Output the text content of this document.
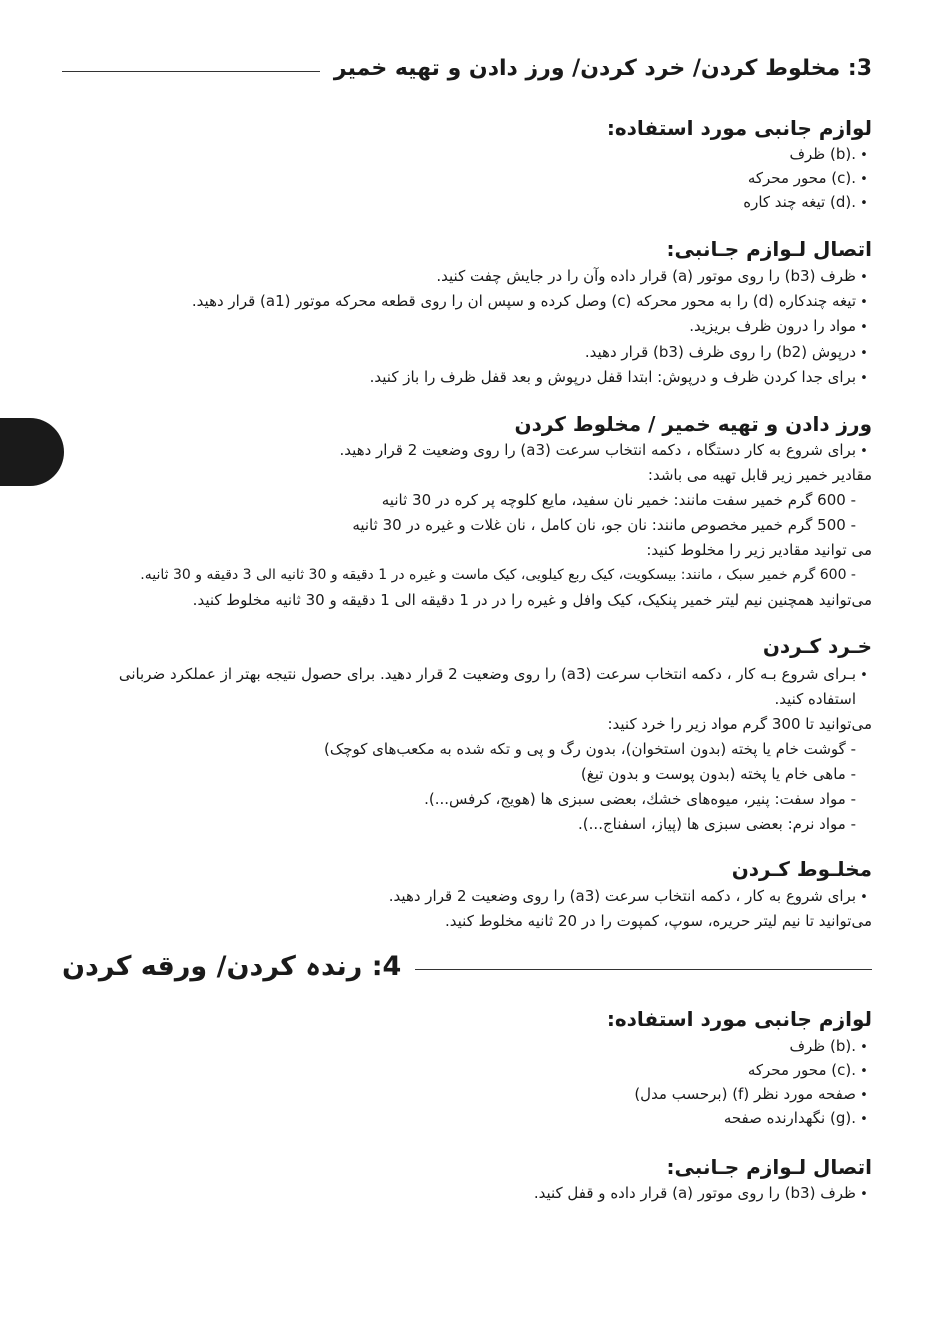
3: مخلوط کردن/ خرد کردن/ ورز دادن و تهیه خمیر
لوازم جانبی مورد استفاده:
• .(b) ظرف
• .(c) محور محرکه
• .(d) تیغه چند کاره
اتصال لـوازم جـانبی:
• ظرف (b3) را روی موتور (a) قرار داده وآن را در جایش چفت کنید.
• تیغه چندکاره (d) را به محور محرکه (c) وصل کرده و سپس ان را روی قطعه محرکه موتور (a1) قرار دهید.
• مواد را درون ظرف بریزید.
• درپوش (b2) را روی ظرف (b3) قرار دهید.
• برای جدا کردن ظرف و درپوش: ابتدا قفل درپوش و بعد قفل ظرف را باز کنید.
ورز دادن و تهیه خمیر / مخلوط کردن
• برای شروع به کار دستگاه ، دکمه انتخاب سرعت (a3) را روی وضعیت 2 قرار دهید.
مقادیر خمیر زیر قابل تهیه می باشد:
- 600 گرم خمیر سفت مانند: خمیر نان سفید، مایع کلوچه پر کره در 30 ثانیه
- 500 گرم خمیر مخصوص مانند: نان جو، نان کامل ، نان غلات و غیره در 30 ثانیه
می توانید مقادیر زیر را مخلوط کنید:
- 600 گرم خمیر سبک ، مانند: بیسکویت، کیک ربع کیلویی، کیک ماست و غیره در 1 دقیقه و 30 ثانیه الی 3 دقیقه و 30 ثانیه.
می‌توانید همچنین نیم لیتر خمیر پنکیک، کیک وافل و غیره را در در 1 دقیقه الی 1 دقیقه و 30 ثانیه مخلوط کنید.
خـرد کـردن
• بـرای شروع بـه کار ، دکمه انتخاب سرعت (a3) را روی وضعیت 2 قرار دهید. برای حصول نتیجه بهتر از عملکرد ضربانی
استفاده کنید.
می‌توانید تا 300 گرم مواد زیر را خرد کنید:
- گوشت خام یا پخته (بدون استخوان)، بدون رگ و پی و تکه شده به مکعب‌های کوچک)
- ماهی خام یا پخته (بدون پوست و بدون تیغ)
- مواد سفت: پنیر، میوه‌های خشك، بعضی سبزی ها (هویج، کرفس...).
- مواد نرم: بعضی سبزی ها (پیاز، اسفناج...).
مخلـوط کـردن
• برای شروع به کار ، دکمه انتخاب سرعت (a3) را روی وضعیت 2 قرار دهید.
می‌توانید تا نیم لیتر حریره، سوپ، کمپوت را در 20 ثانیه مخلوط کنید.
4: رندہ کردن/ ورقه کردن
لوازم جانبی مورد استفاده:
• .(b) ظرف
• .(c) محور محرکه
• صفحه مورد نظر (f) (برحسب مدل)
• .(g) نگهدارنده صفحه
اتصال لـوازم جـانبی:
• ظرف (b3) را روی موتور (a) قرار داده و قفل کنید.
